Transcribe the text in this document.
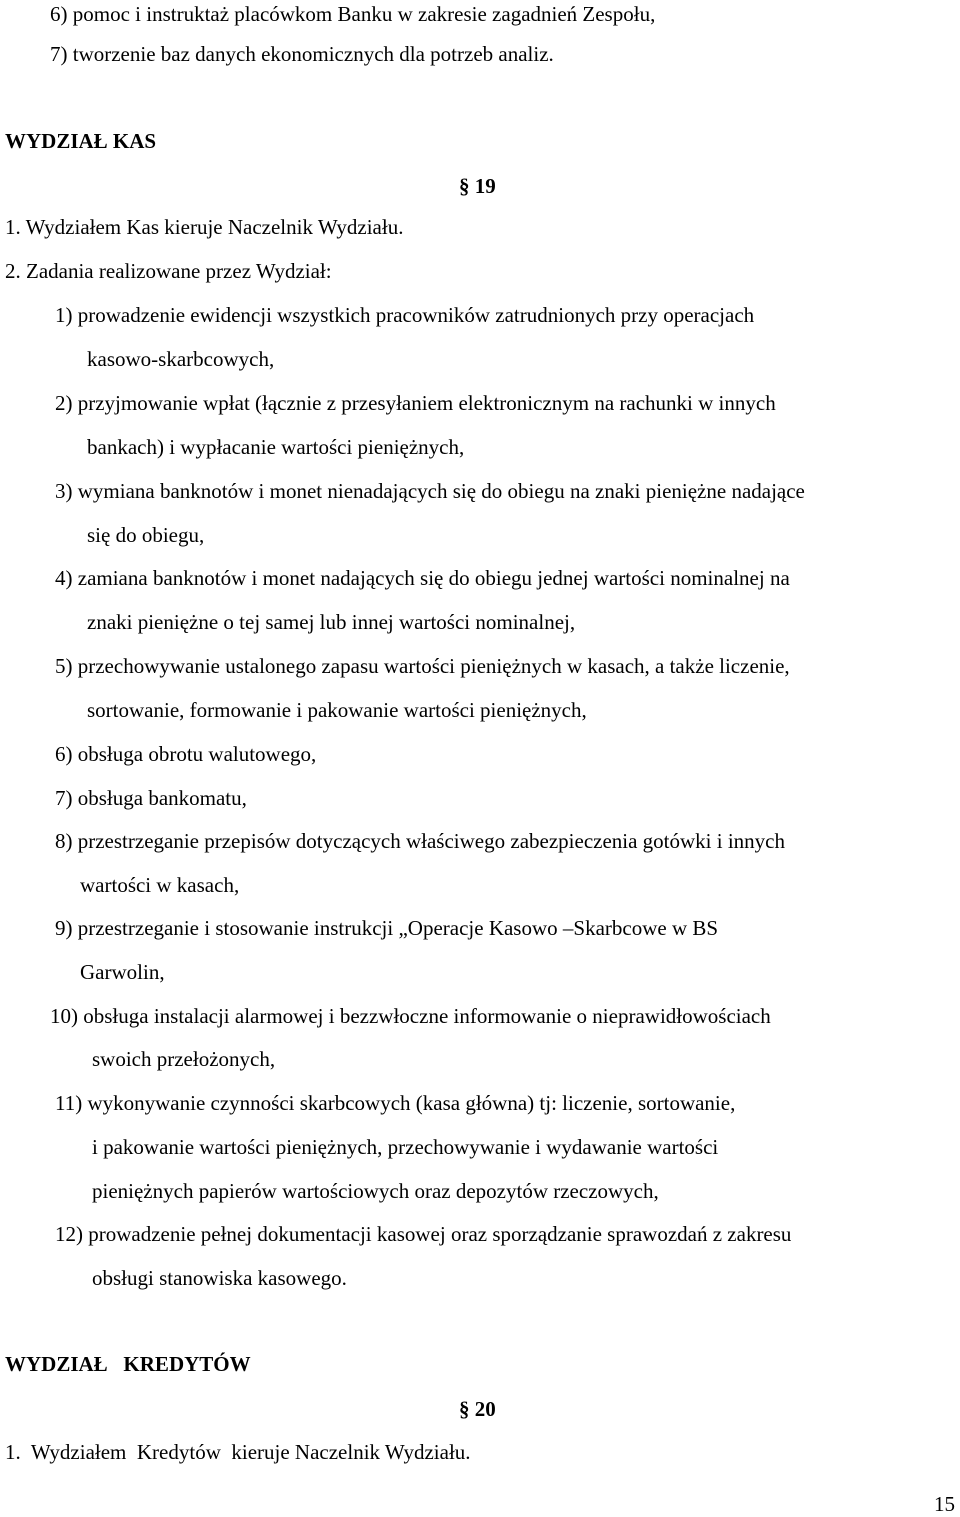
6) pomoc i instruktaż placówkom Banku w zakresie zagadnień Zespołu,
7) tworzenie baz danych ekonomicznych dla potrzeb analiz.
WYDZIAŁ KAS
§ 19
1. Wydziałem Kas kieruje Naczelnik Wydziału.
2. Zadania realizowane przez Wydział:
1) prowadzenie ewidencji wszystkich pracowników zatrudnionych przy operacjach
kasowo-skarbcowych,
2) przyjmowanie wpłat (łącznie z przesyłaniem elektronicznym na rachunki w innych
bankach) i wypłacanie wartości pieniężnych,
3) wymiana banknotów i monet nienadających się do obiegu na znaki pieniężne nadające
się do obiegu,
4) zamiana banknotów i monet nadających się do obiegu jednej wartości nominalnej na
znaki pieniężne o tej samej lub innej wartości nominalnej,
5) przechowywanie ustalonego zapasu wartości pieniężnych w kasach, a także liczenie,
sortowanie, formowanie i pakowanie wartości pieniężnych,
6) obsługa obrotu walutowego,
7) obsługa bankomatu,
8) przestrzeganie przepisów dotyczących właściwego zabezpieczenia gotówki i innych
wartości w kasach,
9) przestrzeganie i stosowanie instrukcji „Operacje Kasowo –Skarbcowe w BS
Garwolin,
10) obsługa instalacji alarmowej i bezzwłoczne informowanie o nieprawidłowościach
swoich przełożonych,
11) wykonywanie czynności skarbcowych (kasa główna) tj: liczenie, sortowanie,
i pakowanie wartości pieniężnych, przechowywanie i wydawanie wartości
pieniężnych papierów wartościowych oraz depozytów rzeczowych,
12) prowadzenie pełnej dokumentacji kasowej oraz sporządzanie sprawozdań z zakresu
obsługi stanowiska kasowego.
WYDZIAŁ   KREDYTÓW
§ 20
1.  Wydziałem  Kredytów  kieruje Naczelnik Wydziału.
15
